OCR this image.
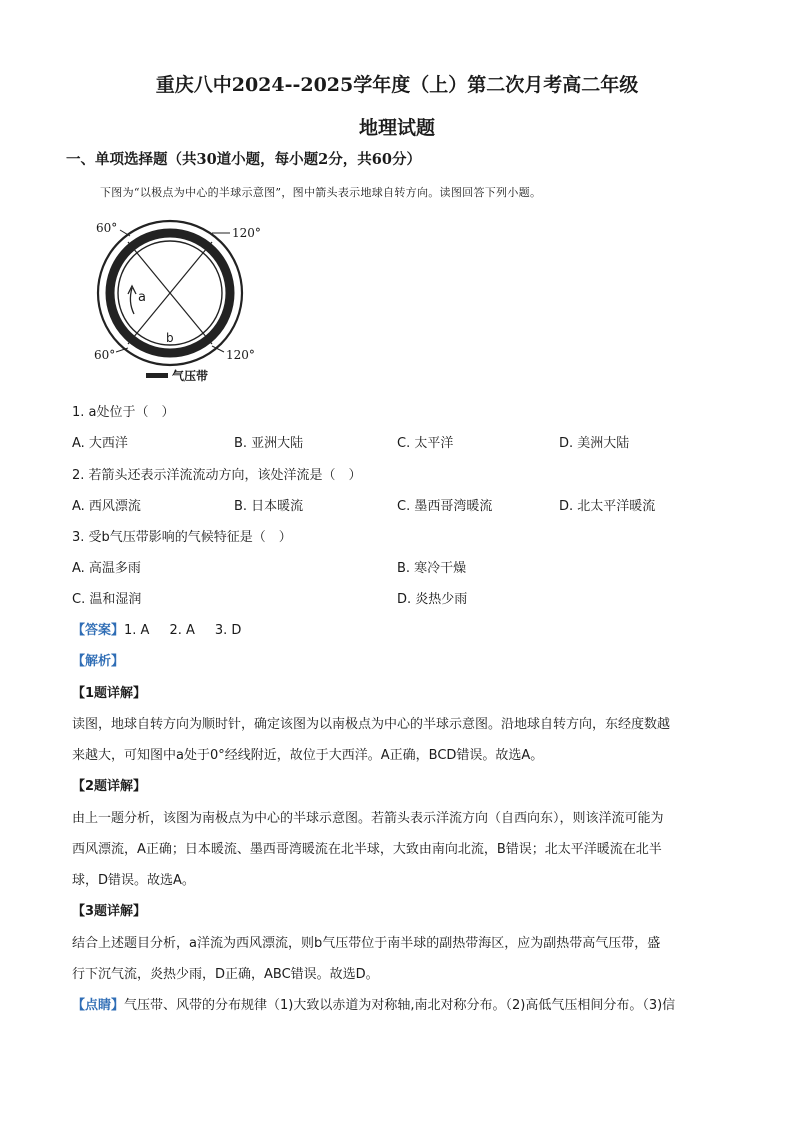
重庆八中2024--2025学年度（上）第二次月考高二年级
地理试题
一、单项选择题（共30道小题，每小题2分，共60分）
下图为“以极点为中心的半球示意图”，图中箭头表示地球自转方向。读图回答下列小题。
60°	120°
60°	120°
a
b
气压带
1. a处位于（　）
A. 大西洋	B. 亚洲大陆	C. 太平洋	D. 美洲大陆
2. 若箭头还表示洋流流动方向，该处洋流是（　）
A. 西风漂流	B. 日本暖流	C. 墨西哥湾暖流	D. 北太平洋暖流
3. 受b气压带影响的气候特征是（　）
A. 高温多雨	B. 寒冷干燥
C. 温和湿润	D. 炎热少雨
【答案】1. A 2. A 3. D
【解析】
【1题详解】
读图，地球自转方向为顺时针，确定该图为以南极点为中心的半球示意图。沿地球自转方向，东经度数越
来越大，可知图中a处于0°经线附近，故位于大西洋。A正确，BCD错误。故选A。
【2题详解】
由上一题分析，该图为南极点为中心的半球示意图。若箭头表示洋流方向（自西向东），则该洋流可能为
西风漂流，A正确；日本暖流、墨西哥湾暖流在北半球，大致由南向北流，B错误；北太平洋暖流在北半
球，D错误。故选A。
【3题详解】
结合上述题目分析，a洋流为西风漂流，则b气压带位于南半球的副热带海区，应为副热带高气压带，盛
行下沉气流，炎热少雨，D正确，ABC错误。故选D。
【点睛】气压带、风带的分布规律（1)大致以赤道为对称轴,南北对称分布。（2)高低气压相间分布。（3)信
